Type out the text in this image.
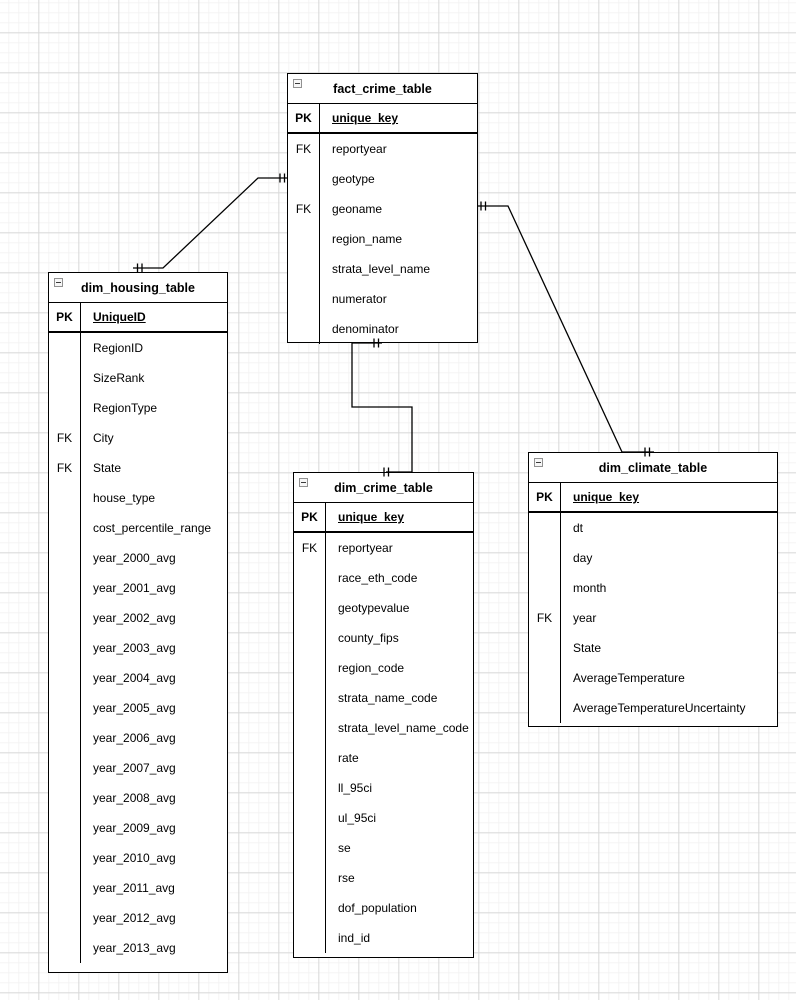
fact_crime_table
PK	unique_key
FK	reportyear
geotype
FK	geoname
region_name
strata_level_name
numerator
denominator
dim_housing_table
PK	UniqueID
RegionID
SizeRank
RegionType
FK	City
FK	State
house_type
cost_percentile_range
year_2000_avg
year_2001_avg
year_2002_avg
year_2003_avg
year_2004_avg
year_2005_avg
year_2006_avg
year_2007_avg
year_2008_avg
year_2009_avg
year_2010_avg
year_2011_avg
year_2012_avg
year_2013_avg
dim_crime_table
PK	unique_key
FK	reportyear
race_eth_code
geotypevalue
county_fips
region_code
strata_name_code
strata_level_name_code
rate
ll_95ci
ul_95ci
se
rse
dof_population
ind_id
dim_climate_table
PK	unique_key
dt
day
month
FK	year
State
AverageTemperature
AverageTemperatureUncertainty
